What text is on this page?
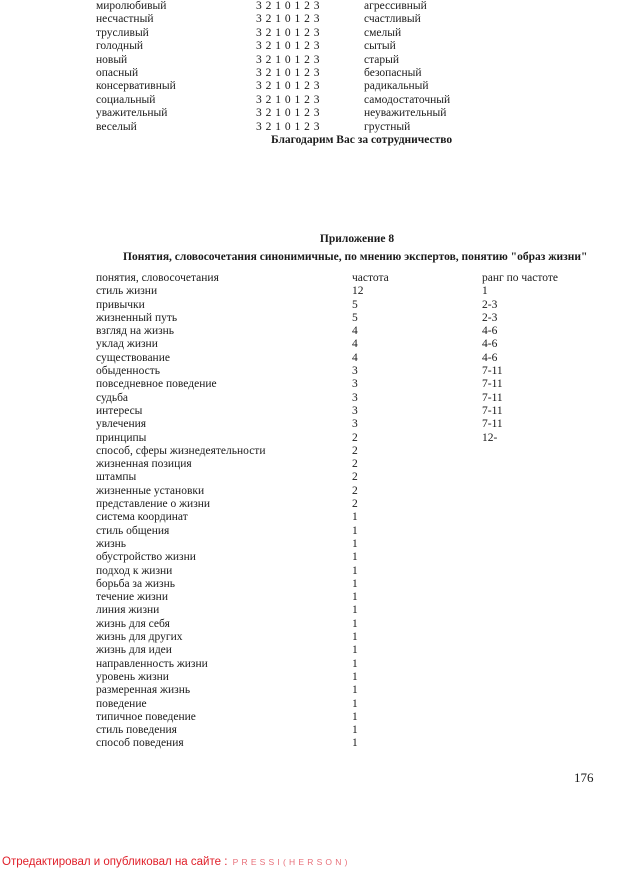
миролюбивый	3 2 1 0 1 2 3	агрессивный
несчастный	3 2 1 0 1 2 3	счастливый
трусливый	3 2 1 0 1 2 3	смелый
голодный	3 2 1 0 1 2 3	сытый
новый	3 2 1 0 1 2 3	старый
опасный	3 2 1 0 1 2 3	безопасный
консервативный	3 2 1 0 1 2 3	радикальный
социальный	3 2 1 0 1 2 3	самодостаточный
уважительный	3 2 1 0 1 2 3	неуважительный
веселый	3 2 1 0 1 2 3	грустный
Благодарим Вас за сотрудничество
Приложение 8
Понятия, словосочетания синонимичные, по мнению экспертов, понятию "образ жизни"
понятия, словосочетания	частота	ранг по частоте
стиль жизни	12	1
привычки	5	2-3
жизненный путь	5	2-3
взгляд на жизнь	4	4-6
уклад жизни	4	4-6
существование	4	4-6
обыденность	3	7-11
повседневное поведение	3	7-11
судьба	3	7-11
интересы	3	7-11
увлечения	3	7-11
принципы	2	12-
способ, сферы жизнедеятельности	2
жизненная позиция	2
штампы	2
жизненные установки	2
представление о жизни	2
система координат	1
стиль общения	1
жизнь	1
обустройство жизни	1
подход к жизни	1
борьба за жизнь	1
течение жизни	1
линия жизни	1
жизнь для себя	1
жизнь для других	1
жизнь для идеи	1
направленность жизни	1
уровень жизни	1
размеренная жизнь	1
поведение	1
типичное поведение	1
стиль поведения	1
способ поведения	1
176
Отредактировал и опубликовал на сайте : PRESSI(HERSON)
